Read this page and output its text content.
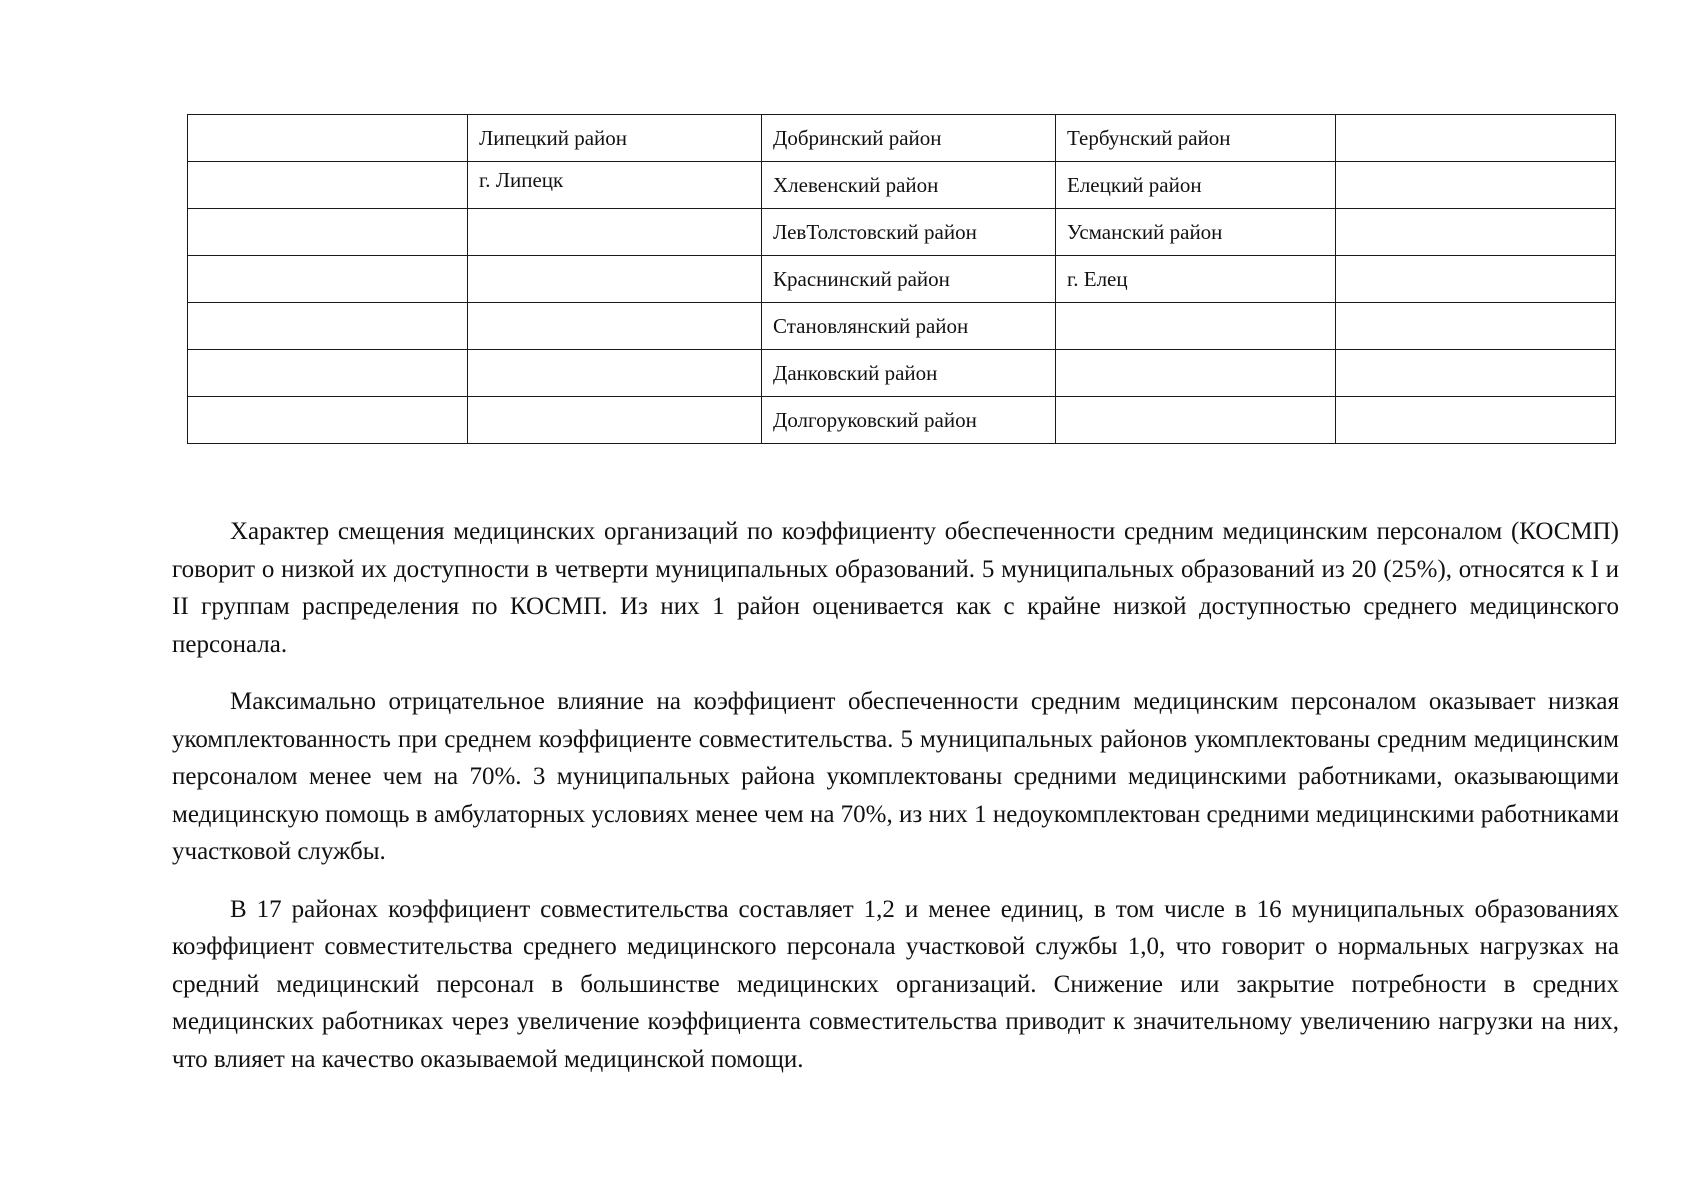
	Липецкий район	Добринский район	Тербунский район	
	г. Липецк	Хлевенский район	Елецкий район	
		ЛевТолстовский район	Усманский район	
		Краснинский район	г. Елец	
		Становлянский район		
		Данковский район		
		Долгоруковский район		

Характер смещения медицинских организаций по коэффициенту обеспеченности средним медицинским персоналом (КОСМП) говорит о низкой их доступности в четверти муниципальных образований. 5 муниципальных образований из 20 (25%), относятся к I и II группам распределения по КОСМП. Из них 1 район оценивается как с крайне низкой доступностью среднего медицинского персонала.

Максимально отрицательное влияние на коэффициент обеспеченности средним медицинским персоналом оказывает низкая укомплектованность при среднем коэффициенте совместительства. 5 муниципальных районов укомплектованы средним медицинским персоналом менее чем на 70%. 3 муниципальных района укомплектованы средними медицинскими работниками, оказывающими медицинскую помощь в амбулаторных условиях менее чем на 70%, из них 1 недоукомплектован средними медицинскими работниками участковой службы.

В 17 районах коэффициент совместительства составляет 1,2 и менее единиц, в том числе в 16 муниципальных образованиях коэффициент совместительства среднего медицинского персонала участковой службы 1,0, что говорит о нормальных нагрузках на средний медицинский персонал в большинстве медицинских организаций. Снижение или закрытие потребности в средних медицинских работниках через увеличение коэффициента совместительства приводит к значительному увеличению нагрузки на них, что влияет на качество оказываемой медицинской помощи.
